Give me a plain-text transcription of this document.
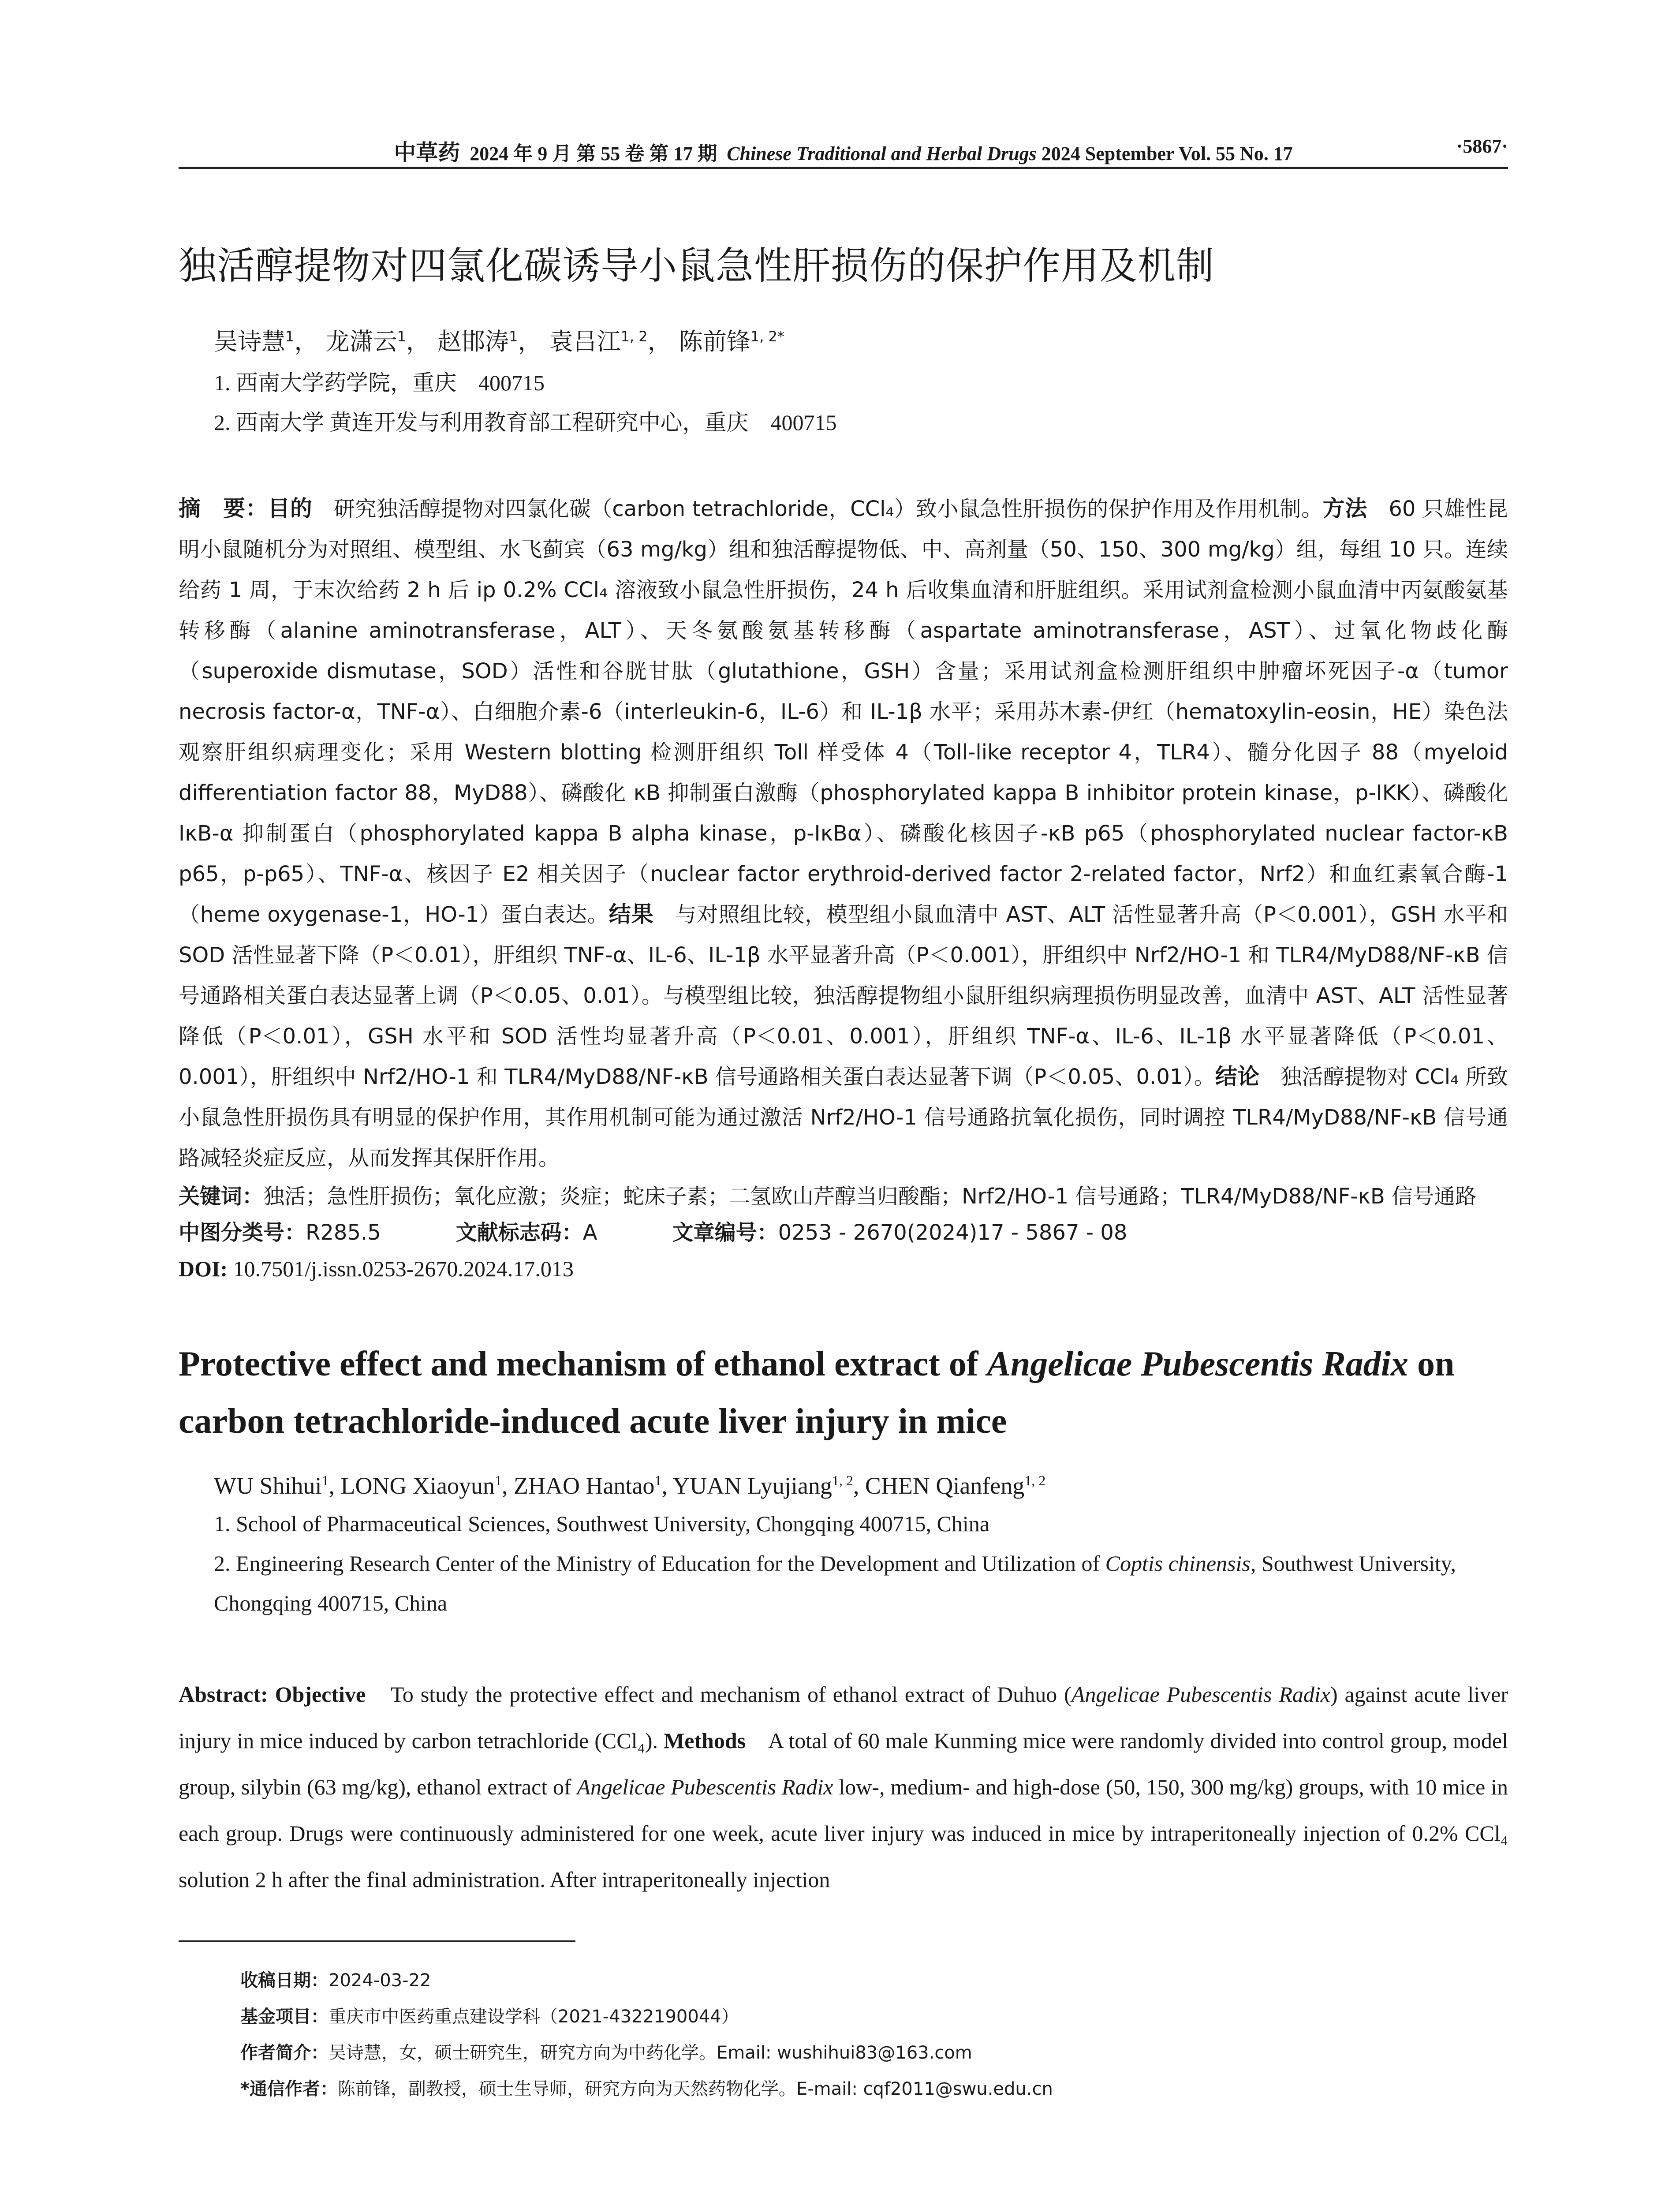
中草药 2024 年 9 月 第 55 卷 第 17 期 Chinese Traditional and Herbal Drugs 2024 September Vol. 55 No. 17	·5867·
独活醇提物对四氯化碳诱导小鼠急性肝损伤的保护作用及机制
吴诗慧$^1$， 龙潇云$^1$， 赵邯涛$^1$， 袁吕江$^{1, 2}$， 陈前锋$^{1, 2*}$
1. 西南大学药学院，重庆　400715
2. 西南大学 黄连开发与利用教育部工程研究中心，重庆　400715
摘　要：目的　研究独活醇提物对四氯化碳（carbon tetrachloride，CCl₄）致小鼠急性肝损伤的保护作用及作用机制。方法　60 只雄性昆明小鼠随机分为对照组、模型组、水飞蓟宾（63 mg/kg）组和独活醇提物低、中、高剂量（50、150、300 mg/kg）组，每组 10 只。连续给药 1 周，于末次给药 2 h 后 ip 0.2% CCl₄ 溶液致小鼠急性肝损伤，24 h 后收集血清和肝脏组织。采用试剂盒检测小鼠血清中丙氨酸氨基转移酶（alanine aminotransferase，ALT）、天冬氨酸氨基转移酶（aspartate aminotransferase，AST）、过氧化物歧化酶（superoxide dismutase，SOD）活性和谷胱甘肽（glutathione，GSH）含量；采用试剂盒检测肝组织中肿瘤坏死因子-α（tumor necrosis factor-α，TNF-α）、白细胞介素-6（interleukin-6，IL-6）和 IL-1β 水平；采用苏木素-伊红（hematoxylin-eosin，HE）染色法观察肝组织病理变化；采用 Western blotting 检测肝组织 Toll 样受体 4（Toll-like receptor 4，TLR4）、髓分化因子 88（myeloid differentiation factor 88，MyD88）、磷酸化 κB 抑制蛋白激酶（phosphorylated kappa B inhibitor protein kinase，p-IKK）、磷酸化 IκB-α 抑制蛋白（phosphorylated kappa B alpha kinase，p-IκBα）、磷酸化核因子-κB p65（phosphorylated nuclear factor-κB p65，p-p65）、TNF-α、核因子 E2 相关因子（nuclear factor erythroid-derived factor 2-related factor，Nrf2）和血红素氧合酶-1（heme oxygenase-1，HO-1）蛋白表达。结果　与对照组比较，模型组小鼠血清中 AST、ALT 活性显著升高（P＜0.001），GSH 水平和 SOD 活性显著下降（P＜0.01），肝组织 TNF-α、IL-6、IL-1β 水平显著升高（P＜0.001），肝组织中 Nrf2/HO-1 和 TLR4/MyD88/NF-κB 信号通路相关蛋白表达显著上调（P＜0.05、0.01）。与模型组比较，独活醇提物组小鼠肝组织病理损伤明显改善，血清中 AST、ALT 活性显著降低（P＜0.01），GSH 水平和 SOD 活性均显著升高（P＜0.01、0.001），肝组织 TNF-α、IL-6、IL-1β 水平显著降低（P＜0.01、0.001），肝组织中 Nrf2/HO-1 和 TLR4/MyD88/NF-κB 信号通路相关蛋白表达显著下调（P＜0.05、0.01）。结论　独活醇提物对 CCl₄ 所致小鼠急性肝损伤具有明显的保护作用，其作用机制可能为通过激活 Nrf2/HO-1 信号通路抗氧化损伤，同时调控 TLR4/MyD88/NF-κB 信号通路减轻炎症反应，从而发挥其保肝作用。
关键词：独活；急性肝损伤；氧化应激；炎症；蛇床子素；二氢欧山芹醇当归酸酯；Nrf2/HO-1 信号通路；TLR4/MyD88/NF-κB 信号通路
中图分类号：R285.5	文献标志码：A	文章编号：0253 - 2670(2024)17 - 5867 - 08
DOI: 10.7501/j.issn.0253-2670.2024.17.013
Protective effect and mechanism of ethanol extract of Angelicae Pubescentis Radix on carbon tetrachloride-induced acute liver injury in mice
WU Shihui$^1$, LONG Xiaoyun$^1$, ZHAO Hantao$^1$, YUAN Lyujiang$^{1, 2}$, CHEN Qianfeng$^{1, 2}$
1. School of Pharmaceutical Sciences, Southwest University, Chongqing 400715, China
2. Engineering Research Center of the Ministry of Education for the Development and Utilization of Coptis chinensis, Southwest University, Chongqing 400715, China
Abstract: Objective　To study the protective effect and mechanism of ethanol extract of Duhuo (Angelicae Pubescentis Radix) against acute liver injury in mice induced by carbon tetrachloride (CCl₄). Methods　A total of 60 male Kunming mice were randomly divided into control group, model group, silybin (63 mg/kg), ethanol extract of Angelicae Pubescentis Radix low-, medium- and high-dose (50, 150, 300 mg/kg) groups, with 10 mice in each group. Drugs were continuously administered for one week, acute liver injury was induced in mice by intraperitoneally injection of 0.2% CCl₄ solution 2 h after the final administration. After intraperitoneally injection
收稿日期：2024-03-22
基金项目：重庆市中医药重点建设学科（2021-4322190044）
作者简介：吴诗慧，女，硕士研究生，研究方向为中药化学。Email: wushihui83@163.com
*通信作者：陈前锋，副教授，硕士生导师，研究方向为天然药物化学。E-mail: cqf2011@swu.edu.cn
